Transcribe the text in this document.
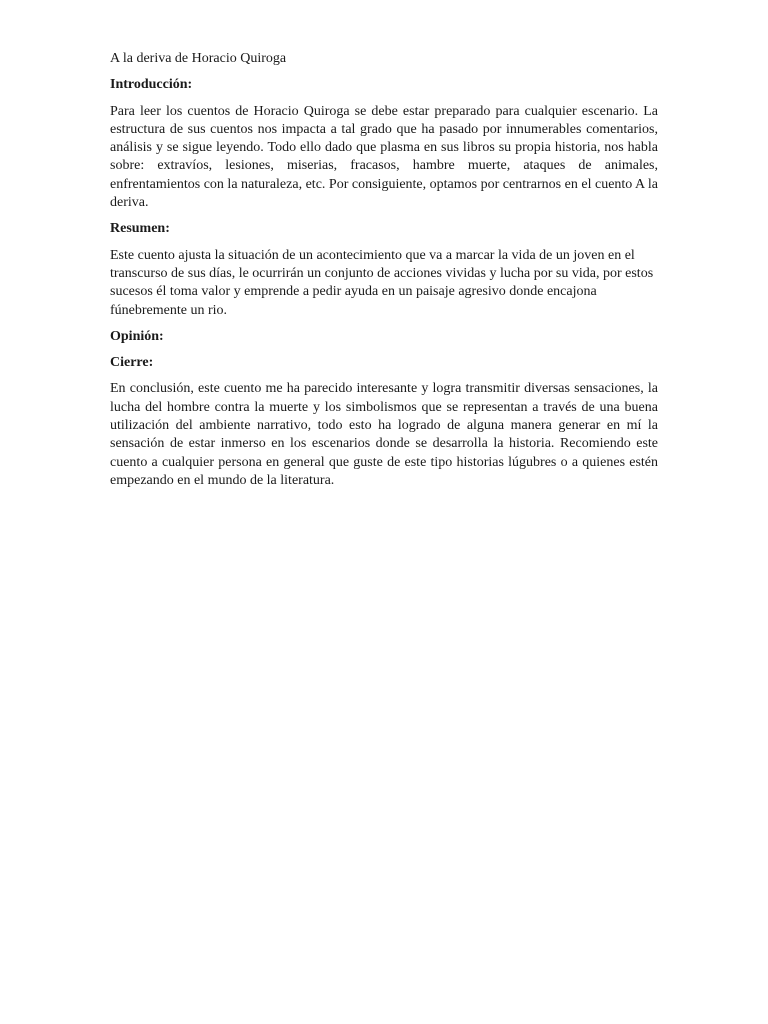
A la deriva de Horacio Quiroga

Introducción:

Para leer los cuentos de Horacio Quiroga se debe estar preparado para cualquier escenario. La estructura de sus cuentos nos impacta a tal grado que ha pasado por innumerables comentarios, análisis y se sigue leyendo. Todo ello dado que plasma en sus libros su propia historia, nos habla sobre: extravíos, lesiones, miserias, fracasos, hambre muerte, ataques de animales, enfrentamientos con la naturaleza, etc. Por consiguiente, optamos por centrarnos en el cuento A la deriva.

Resumen:

Este cuento ajusta la situación de un acontecimiento que va a marcar la vida de un joven en el transcurso de sus días, le ocurrirán un conjunto de acciones vividas y lucha por su vida, por estos sucesos él toma valor y emprende a pedir ayuda en un paisaje agresivo donde encajona fúnebremente un rio.

Opinión:

Cierre:

En conclusión, este cuento me ha parecido interesante y logra transmitir diversas sensaciones, la lucha del hombre contra la muerte y los simbolismos que se representan a través de una buena utilización del ambiente narrativo, todo esto ha logrado de alguna manera generar en mí la sensación de estar inmerso en los escenarios donde se desarrolla la historia. Recomiendo este cuento a cualquier persona en general que guste de este tipo historias lúgubres o a quienes estén empezando en el mundo de la literatura.
